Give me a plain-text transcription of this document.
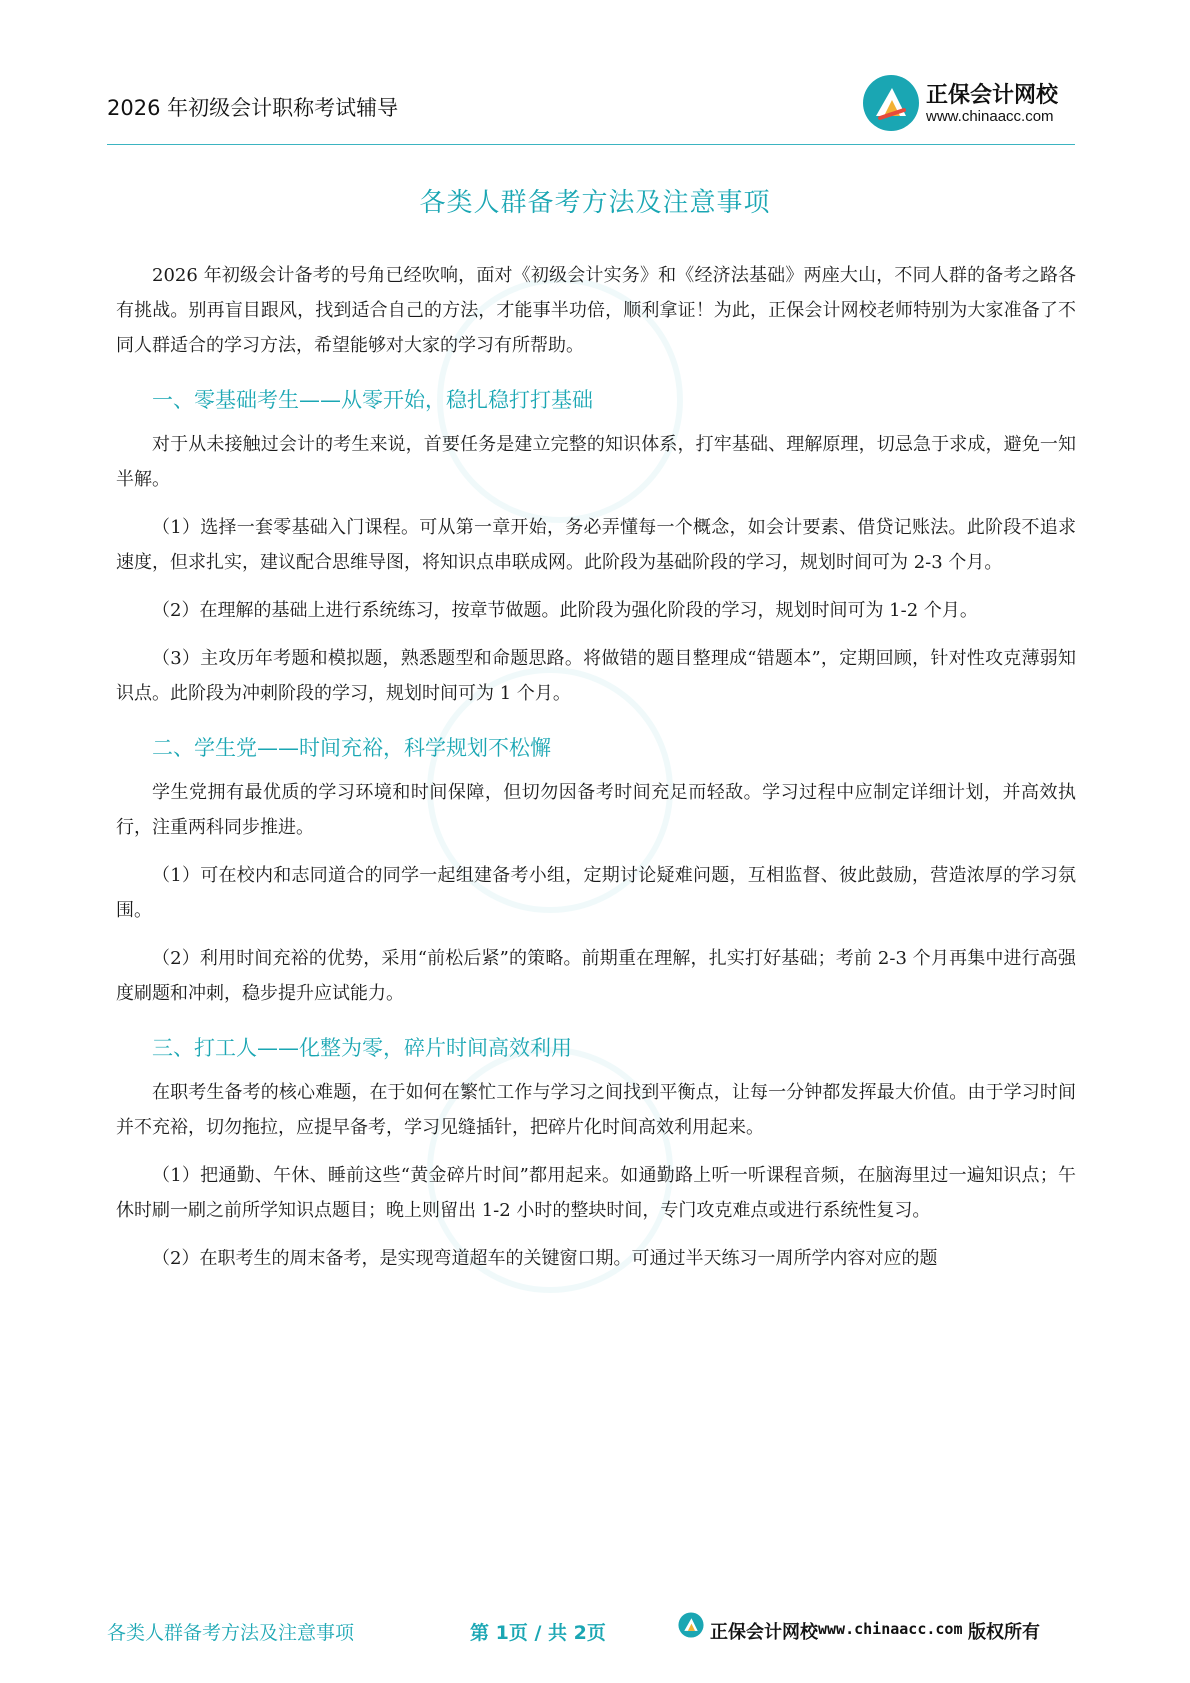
2026 年初级会计职称考试辅导	正保会计网校
www.chinaacc.com
各类人群备考方法及注意事项

2026 年初级会计备考的号角已经吹响，面对《初级会计实务》和《经济法基础》两座大山，不同人群的备考之路各有挑战。别再盲目跟风，找到适合自己的方法，才能事半功倍，顺利拿证！为此，正保会计网校老师特别为大家准备了不同人群适合的学习方法，希望能够对大家的学习有所帮助。

一、零基础考生——从零开始，稳扎稳打打基础

对于从未接触过会计的考生来说，首要任务是建立完整的知识体系，打牢基础、理解原理，切忌急于求成，避免一知半解。

（1）选择一套零基础入门课程。可从第一章开始，务必弄懂每一个概念，如会计要素、借贷记账法。此阶段不追求速度，但求扎实，建议配合思维导图，将知识点串联成网。此阶段为基础阶段的学习，规划时间可为 2-3 个月。

（2）在理解的基础上进行系统练习，按章节做题。此阶段为强化阶段的学习，规划时间可为 1-2 个月。

（3）主攻历年考题和模拟题，熟悉题型和命题思路。将做错的题目整理成“错题本”，定期回顾，针对性攻克薄弱知识点。此阶段为冲刺阶段的学习，规划时间可为 1 个月。

二、学生党——时间充裕，科学规划不松懈

学生党拥有最优质的学习环境和时间保障，但切勿因备考时间充足而轻敌。学习过程中应制定详细计划，并高效执行，注重两科同步推进。

（1）可在校内和志同道合的同学一起组建备考小组，定期讨论疑难问题，互相监督、彼此鼓励，营造浓厚的学习氛围。

（2）利用时间充裕的优势，采用“前松后紧”的策略。前期重在理解，扎实打好基础；考前 2-3 个月再集中进行高强度刷题和冲刺，稳步提升应试能力。

三、打工人——化整为零，碎片时间高效利用

在职考生备考的核心难题，在于如何在繁忙工作与学习之间找到平衡点，让每一分钟都发挥最大价值。由于学习时间并不充裕，切勿拖拉，应提早备考，学习见缝插针，把碎片化时间高效利用起来。

（1）把通勤、午休、睡前这些“黄金碎片时间”都用起来。如通勤路上听一听课程音频，在脑海里过一遍知识点；午休时刷一刷之前所学知识点题目；晚上则留出 1-2 小时的整块时间，专门攻克难点或进行系统性复习。

（2）在职考生的周末备考，是实现弯道超车的关键窗口期。可通过半天练习一周所学内容对应的题

各类人群备考方法及注意事项	第 1页 / 共 2页	正保会计网校 www.chinaacc.com 版权所有
